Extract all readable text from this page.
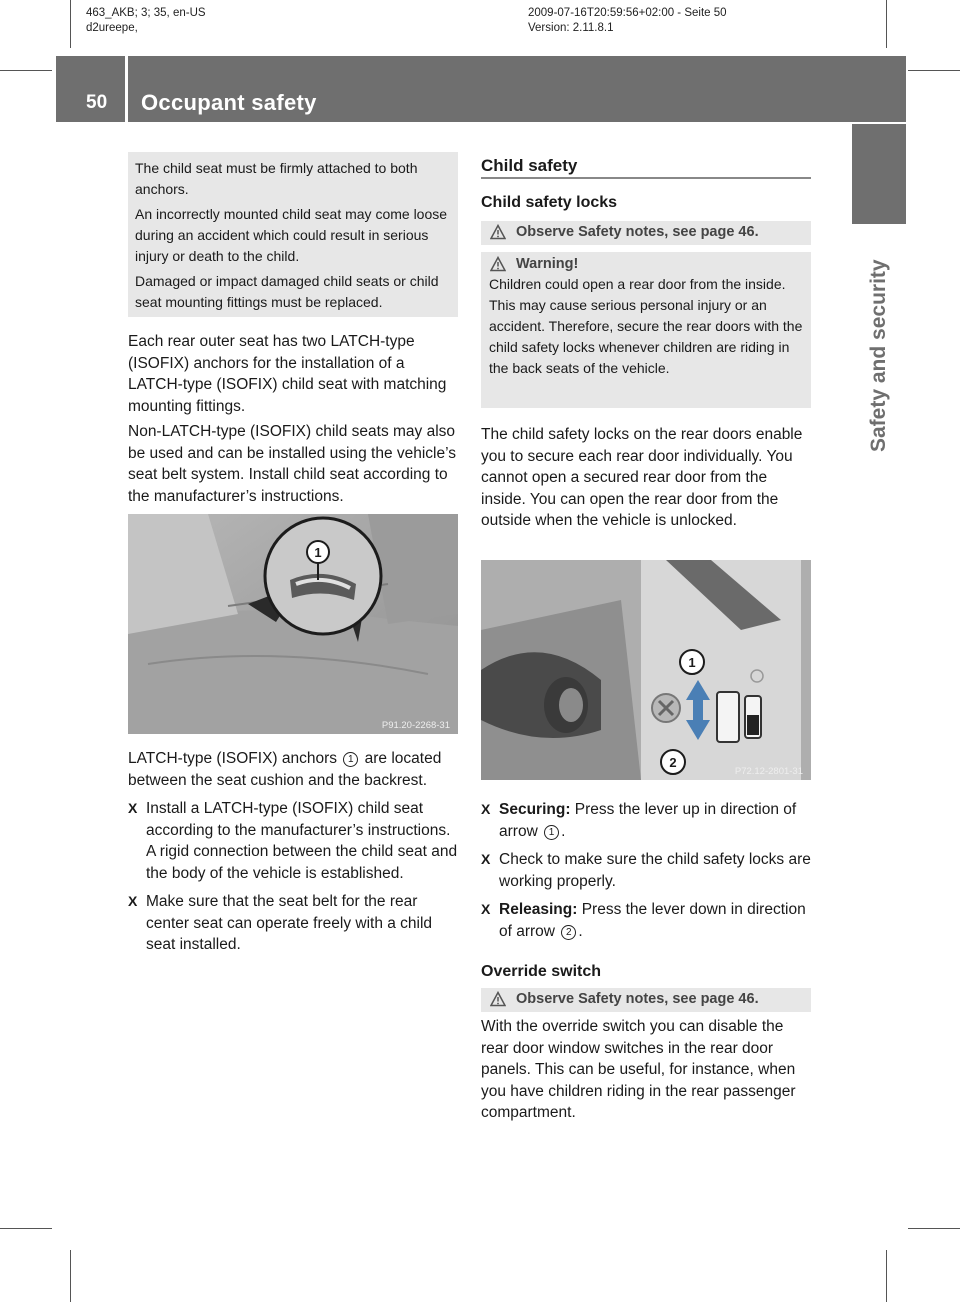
463_AKB; 3; 35, en-US
d2ureepe,
2009-07-16T20:59:56+02:00 - Seite 50
Version: 2.11.8.1
50 Occupant safety
Safety and security

The child seat must be firmly attached to both anchors.

An incorrectly mounted child seat may come loose during an accident which could result in serious injury or death to the child.

Damaged or impact damaged child seats or child seat mounting fittings must be replaced.

Each rear outer seat has two LATCH-type (ISOFIX) anchors for the installation of a LATCH-type (ISOFIX) child seat with matching mounting fittings.

Non-LATCH-type (ISOFIX) child seats may also be used and can be installed using the vehicle’s seat belt system. Install child seat according to the manufacturer’s instructions.

1
P91.20-2268-31

LATCH-type (ISOFIX) anchors 1 are located between the seat cushion and the backrest.

X Install a LATCH-type (ISOFIX) child seat according to the manufacturer’s instructions.

A rigid connection between the child seat and the body of the vehicle is established.

X Make sure that the seat belt for the rear center seat can operate freely with a child seat installed.

Child safety
Child safety locks
Observe Safety notes, see page 46.
Warning!

Children could open a rear door from the inside. This may cause serious personal injury or an accident. Therefore, secure the rear doors with the child safety locks whenever children are riding in the back seats of the vehicle.

The child safety locks on the rear doors enable you to secure each rear door individually. You cannot open a secured rear door from the inside. You can open the rear door from the outside when the vehicle is unlocked.
1
2
P72.12-2801-31
X Securing: Press the lever up in direction of arrow 1 .

X Check to make sure the child safety locks are working properly.

X Releasing: Press the lever down in direction of arrow 2 .

Override switch
Observe Safety notes, see page 46.
With the override switch you can disable the rear door window switches in the rear door panels. This can be useful, for instance, when you have children riding in the rear passenger compartment.
